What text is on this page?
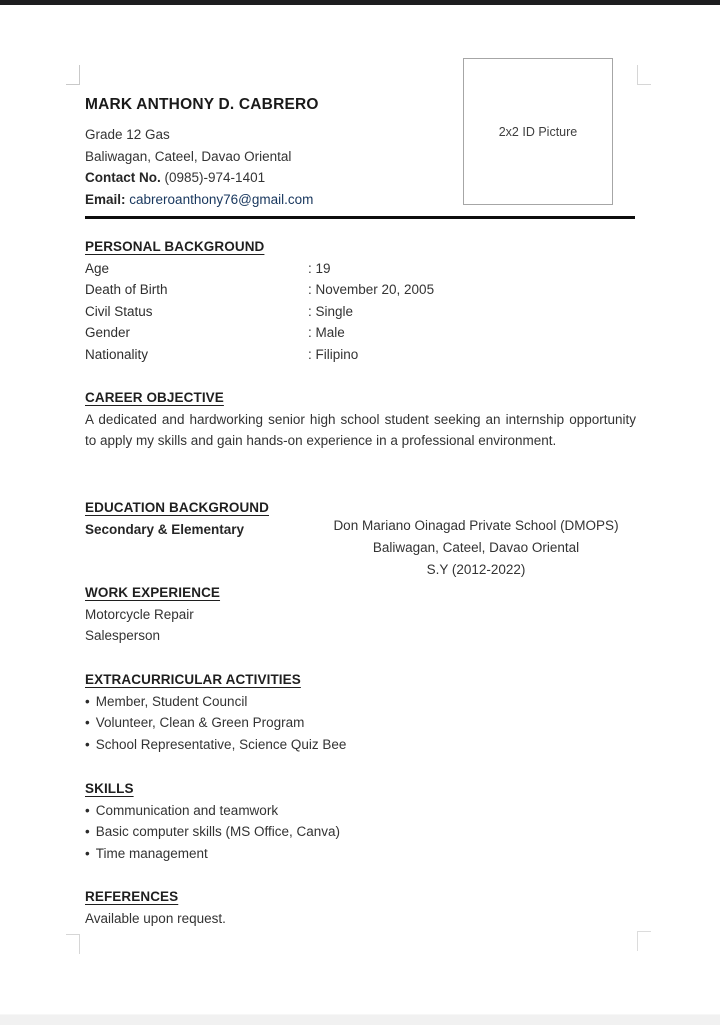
MARK ANTHONY D. CABRERO
Grade 12 Gas
Baliwagan, Cateel, Davao Oriental
Contact No. (0985)-974-1401
Email: cabreroanthony76@gmail.com
2x2 ID Picture
PERSONAL BACKGROUND
Age	: 19
Death of Birth	: November 20, 2005
Civil Status	: Single
Gender	: Male
Nationality	: Filipino
CAREER OBJECTIVE
A dedicated and hardworking senior high school student seeking an internship opportunity to apply my skills and gain hands-on experience in a professional environment.
EDUCATION BACKGROUND
Secondary & Elementary	Don Mariano Oinagad Private School (DMOPS)
Baliwagan, Cateel, Davao Oriental
S.Y (2012-2022)
WORK EXPERIENCE
Motorcycle Repair
Salesperson
EXTRACURRICULAR ACTIVITIES
• Member, Student Council
• Volunteer, Clean & Green Program
• School Representative, Science Quiz Bee
SKILLS
• Communication and teamwork
• Basic computer skills (MS Office, Canva)
• Time management
REFERENCES
Available upon request.
